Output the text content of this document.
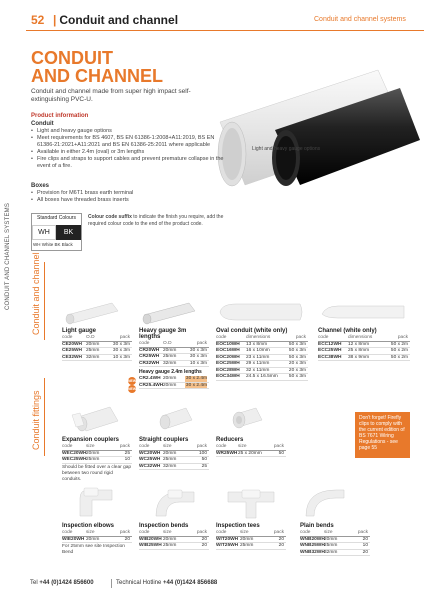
52 | Conduit and channel	Conduit and channel systems
CONDUIT AND CHANNEL SYSTEMS Conduit and channel
Conduit fittings
CONDUIT
AND CHANNEL
Conduit and channel made from super high impact self-extinguishing PVC-U.
Light and heavy gauge options
Product information
Conduit
• Light and heavy gauge options
• Meet requirements for BS 4607, BS EN 61386-1:2008+A11:2019, BS EN 61386-21:2021+A11:2021 and BS EN 61386-25:2011 where applicable
• Available in either 2.4m (oval) or 3m lengths
• Fire clips and straps to support cables and prevent premature collapse in the event of a fire.
Boxes
• Provision for M6T1 brass earth terminal
• All boxes have threaded brass inserts
Standard Colours
WH	BK
WH White BK Black
Colour code suffix to indicate the finish you require, add the required colour code to the end of the product code.
Light gauge
code	O.D	pack
CE20WH 20mm	30 x 3m
CE25WH 25mm	30 x 3m
CE32WH 32mm	10 x 3m
Heavy gauge 3m lengths
code	O.D	pack
CR20WH 20mm	30 x 3m
CR25WH 25mm	30 x 3m
CR32WH 32mm	10 x 3m
Heavy gauge 2.4m lengths
CR2.4WH 20mm	30 x 2.4m
CR25.4WH 20mm	30 x 2.4m
NEW
NEW
Oval conduit (white only)
code	dimensions	pack
EOC10WH	13 x 8mm	50 x 3m
EOC16WH	16 x 10mm	50 x 3m
EOC20WH	23 x 11mm	50 x 3m
EOC25WH	29 x 11mm	20 x 3m
EOC28WH	32 x 11mm	20 x 3m
EOC34WH	24.5 x 16.5mm	50 x 3m
Channel (white only)
code	dimensions	pack
ECC12WH	12 x 8mm	50 x 2m
ECC25WH	25 x 8mm	50 x 2m
ECC38WH	38 x 9mm	50 x 2m
Expansion couplers
code	size	pack
WEC20WH 20mm	25
WEC25WH 25mm	10
Should be fitted over a clear gap between two round rigid conduits.
Straight couplers
code	size	pack
WC20WH 20mm	100
WC25WH 25mm	50
WC32WH 32mm	25
Reducers
code	size	pack
WR25WH 25 x 20mm	50
Don't forget! Firefly clips to comply with the current edition of BS 7671 Wiring Regulations - see page 55
Inspection elbows
code	size	pack
WIE20WH 20mm	20
For 25mm see site Inspection Bend
Inspection bends
code	size	pack
WIB20WH 20mm	20
WIB25WH 25mm	20
Inspection tees
code	size	pack
WIT20WH 20mm	20
WIT25WH 25mm	20
Plain bends
code	size	pack
WNB20WH 20mm	20
WNB25WH 25mm	10
WNB32WH 32mm	20
Tel +44 (0)1424 856600	Technical Hotline +44 (0)1424 856688
